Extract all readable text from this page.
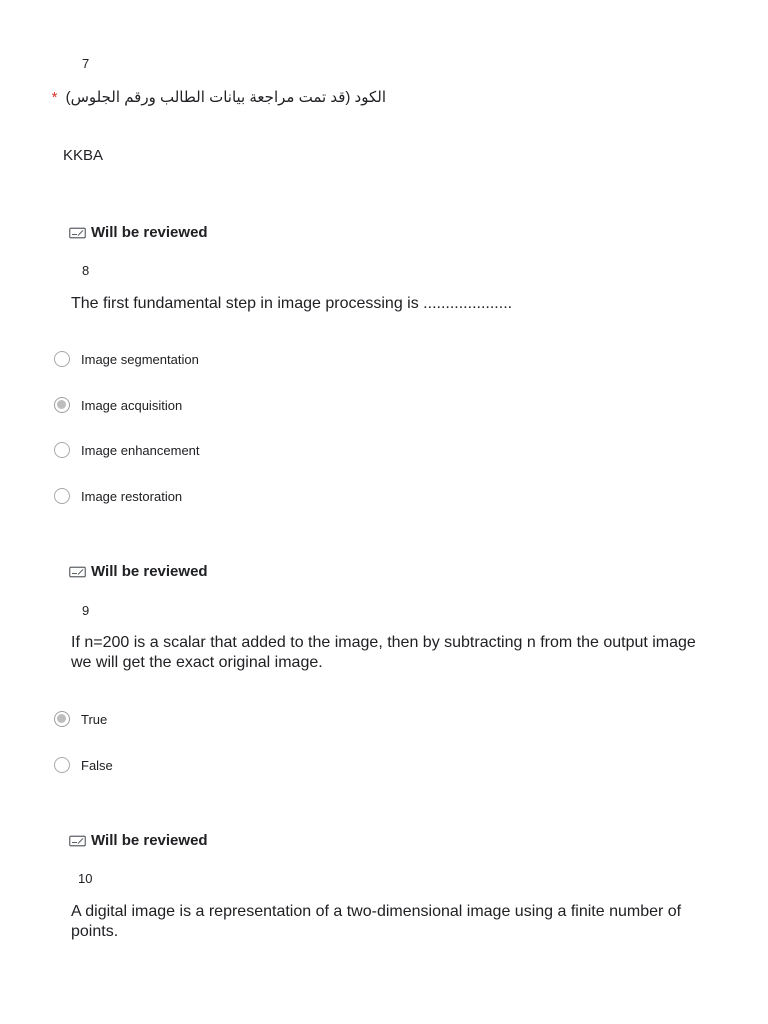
7
الكود (قد تمت مراجعة بيانات الطالب ورقم الجلوس) *
KKBA
Will be reviewed
8
The first fundamental step in image processing is ....................
Image segmentation
Image acquisition
Image enhancement
Image restoration
Will be reviewed
9
If n=200 is a scalar that added to the image, then by subtracting n from the output image we will get the exact original image.
True
False
Will be reviewed
10
A digital image is a representation of a two-dimensional image using a finite number of points.
